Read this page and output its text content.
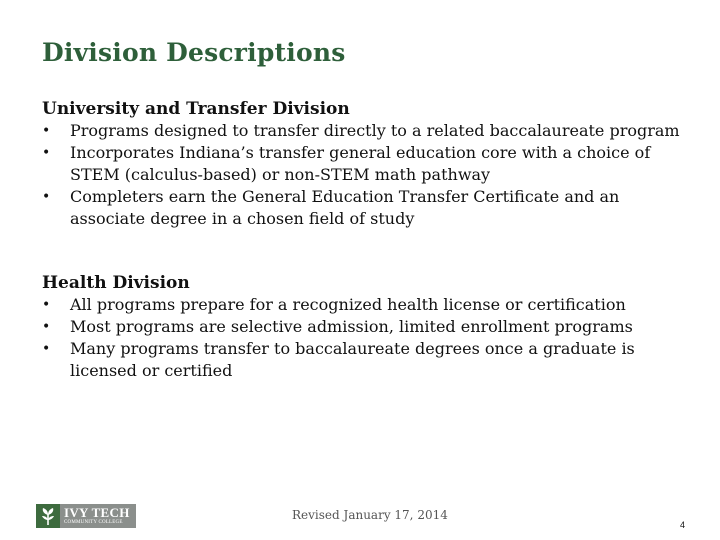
Division Descriptions
University and Transfer Division
•	Programs designed to transfer directly to a related baccalaureate program
•	Incorporates Indiana’s transfer general education core with a choice of STEM (calculus-based) or non-STEM math pathway
•	Completers earn the General Education Transfer Certificate and an associate degree in a chosen field of study
Health Division
•	All programs prepare for a recognized health license or certification
•	Most programs are selective admission, limited enrollment programs
•	Many programs transfer to baccalaureate degrees once a graduate is licensed or certified
IVY TECH
COMMUNITY COLLEGE
Revised January 17, 2014
4
